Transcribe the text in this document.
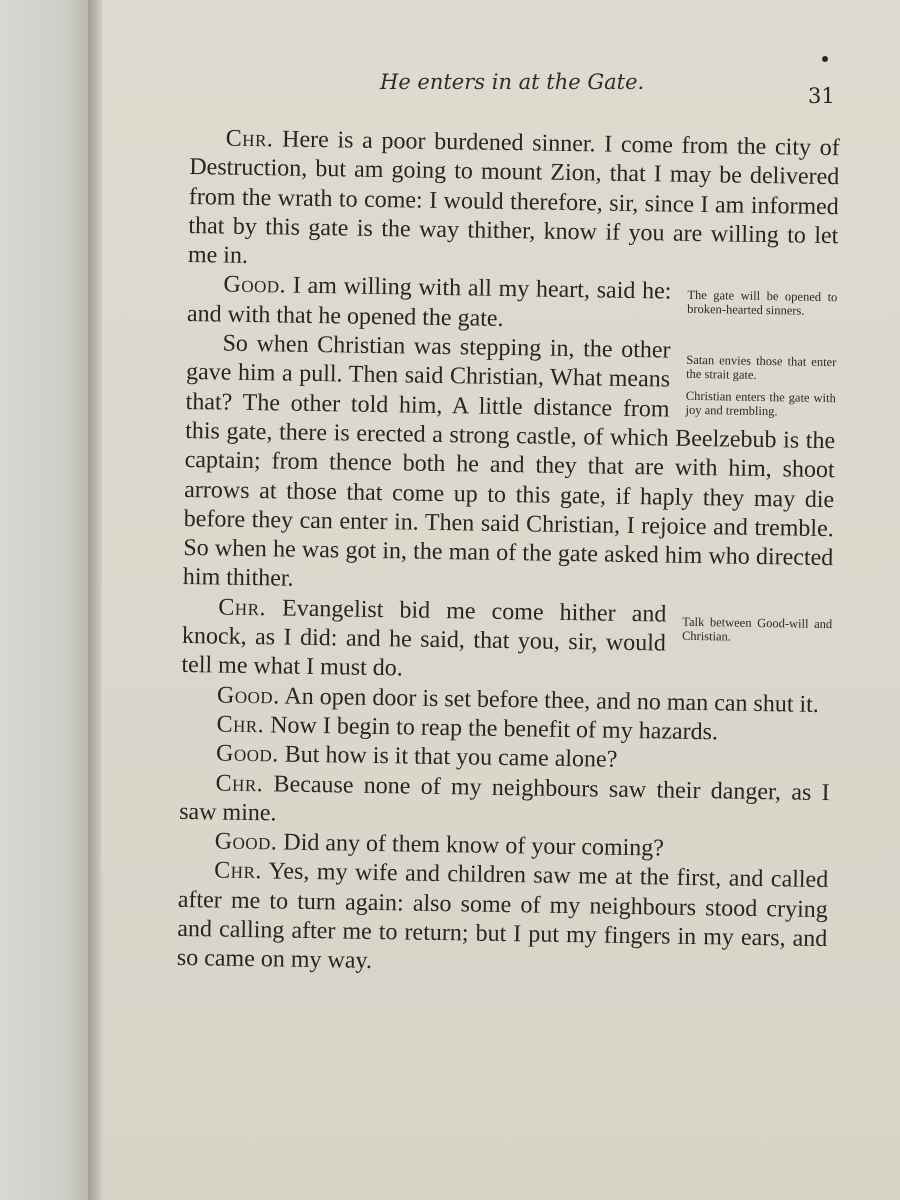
He enters in at the Gate.
31

Chr. Here is a poor burdened sinner. I come from the city of Destruction, but am going to mount Zion, that I may be delivered from the wrath to come: I would therefore, sir, since I am informed that by this gate is the way thither, know if you are willing to let me in.

The gate will be opened to broken-hearted sinners.
Good. I am willing with all my heart, said he: and with that he opened the gate.

Satan envies those that enter the strait gate.
Christian enters the gate with joy and trembling.
So when Christian was stepping in, the other gave him a pull. Then said Christian, What means that? The other told him, A little distance from this gate, there is erected a strong castle, of which Beelzebub is the captain; from thence both he and they that are with him, shoot arrows at those that come up to this gate, if haply they may die before they can enter in. Then said Christian, I rejoice and tremble. So when he was got in, the man of the gate asked him who directed him thither.

Talk between Good-will and Christian.
Chr. Evangelist bid me come hither and knock, as I did: and he said, that you, sir, would tell me what I must do.

Good. An open door is set before thee, and no man can shut it.

Chr. Now I begin to reap the benefit of my hazards.

Good. But how is it that you came alone?

Chr. Because none of my neighbours saw their danger, as I saw mine.

Good. Did any of them know of your coming?

Chr. Yes, my wife and children saw me at the first, and called after me to turn again: also some of my neighbours stood crying and calling after me to return; but I put my fingers in my ears, and so came on my way.
